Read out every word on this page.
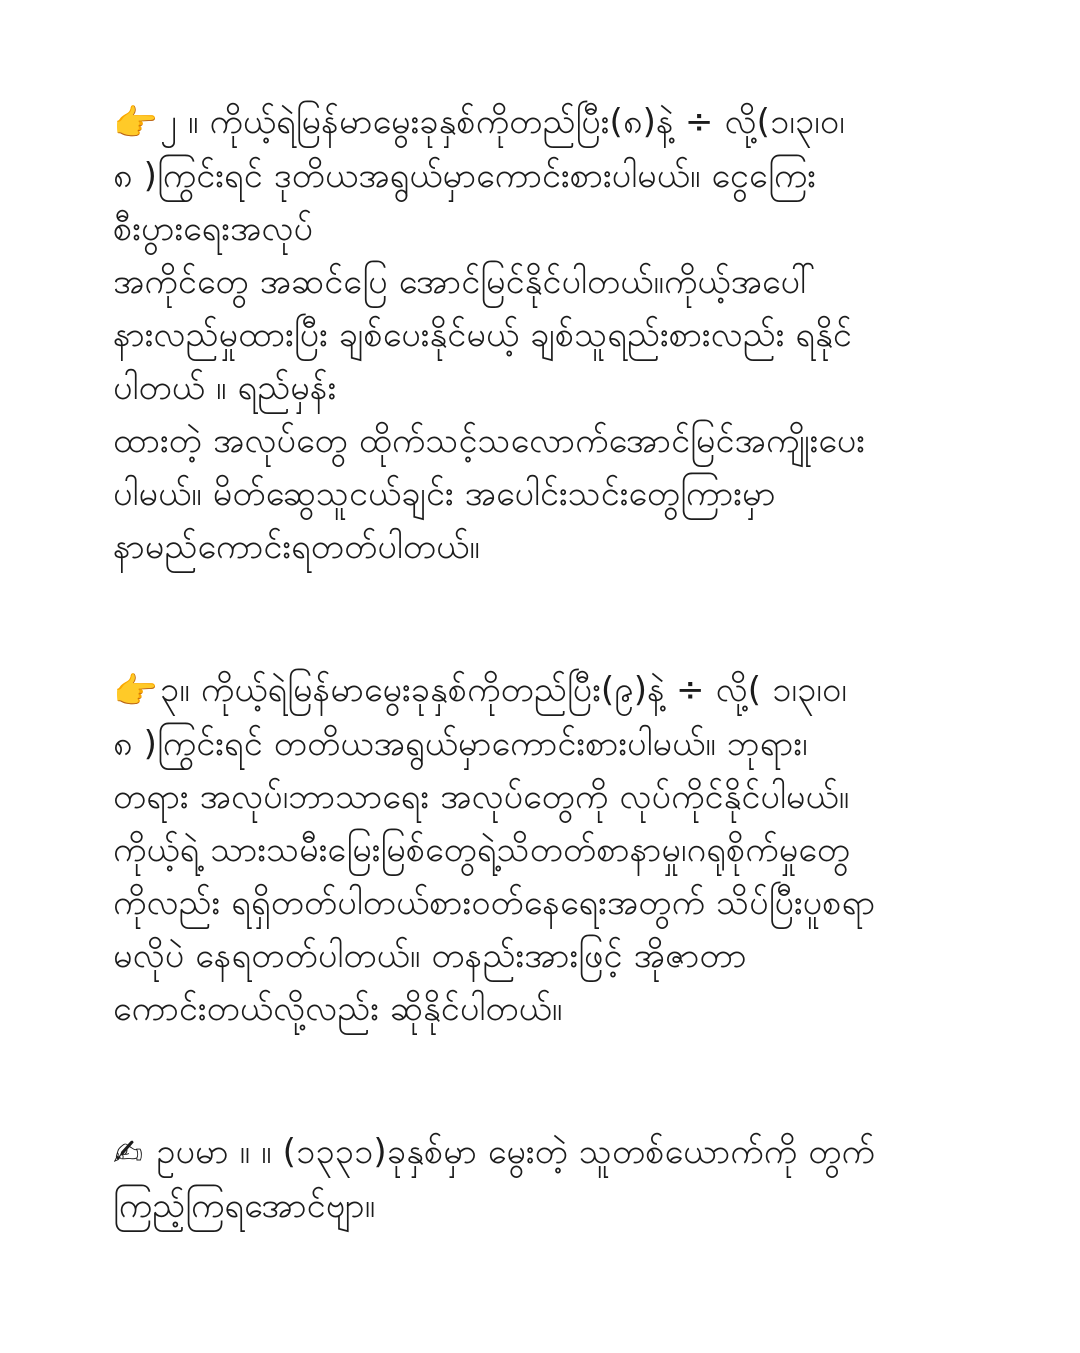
👉၂ ။ ကိုယ့်ရဲမြန်မာမွေးခုနှစ်ကိုတည်ပြီး(၈)နဲ့ ÷ လို့(၁၊၃၊၀၊
၈ )ကြွင်းရင် ဒုတိယအရွယ်မှာကောင်းစားပါမယ်။ ငွေကြေး
စီးပွားရေးအလုပ်
အကိုင်တွေ အဆင်ပြေ အောင်မြင်နိုင်ပါတယ်။ကိုယ့်အပေါ်
နားလည်မှုထားပြီး ချစ်ပေးနိုင်မယ့် ချစ်သူရည်းစားလည်း ရနိုင်
ပါတယ် ။ ရည်မှန်း
ထားတဲ့ အလုပ်တွေ ထိုက်သင့်သလောက်အောင်မြင်အကျိုးပေး
ပါမယ်။ မိတ်ဆွေသူငယ်ချင်း အပေါင်းသင်းတွေကြားမှာ
နာမည်ကောင်းရတတ်ပါတယ်။
👉၃။ ကိုယ့်ရဲမြန်မာမွေးခုနှစ်ကိုတည်ပြီး(၉)နဲ့ ÷ လို့( ၁၊၃၊၀၊
၈ )ကြွင်းရင် တတိယအရွယ်မှာကောင်းစားပါမယ်။ ဘုရား၊
တရား အလုပ်၊ဘာသာရေး အလုပ်တွေကို လုပ်ကိုင်နိုင်ပါမယ်။
ကိုယ့်ရဲ့ သားသမီးမြေးမြစ်တွေရဲ့သိတတ်စာနာမှု၊ဂရုစိုက်မှုတွေ
ကိုလည်း ရရှိတတ်ပါတယ်စားဝတ်နေရေးအတွက် သိပ်ပြီးပူစရာ
မလိုပဲ နေရတတ်ပါတယ်။ တနည်းအားဖြင့် အိုဇာတာ
ကောင်းတယ်လို့လည်း ဆိုနိုင်ပါတယ်။
✍ ဥပမာ ။ ။ (၁၃၃၁)ခုနှစ်မှာ မွေးတဲ့ သူတစ်ယောက်ကို တွက်
ကြည့်ကြရအောင်ဗျာ။
